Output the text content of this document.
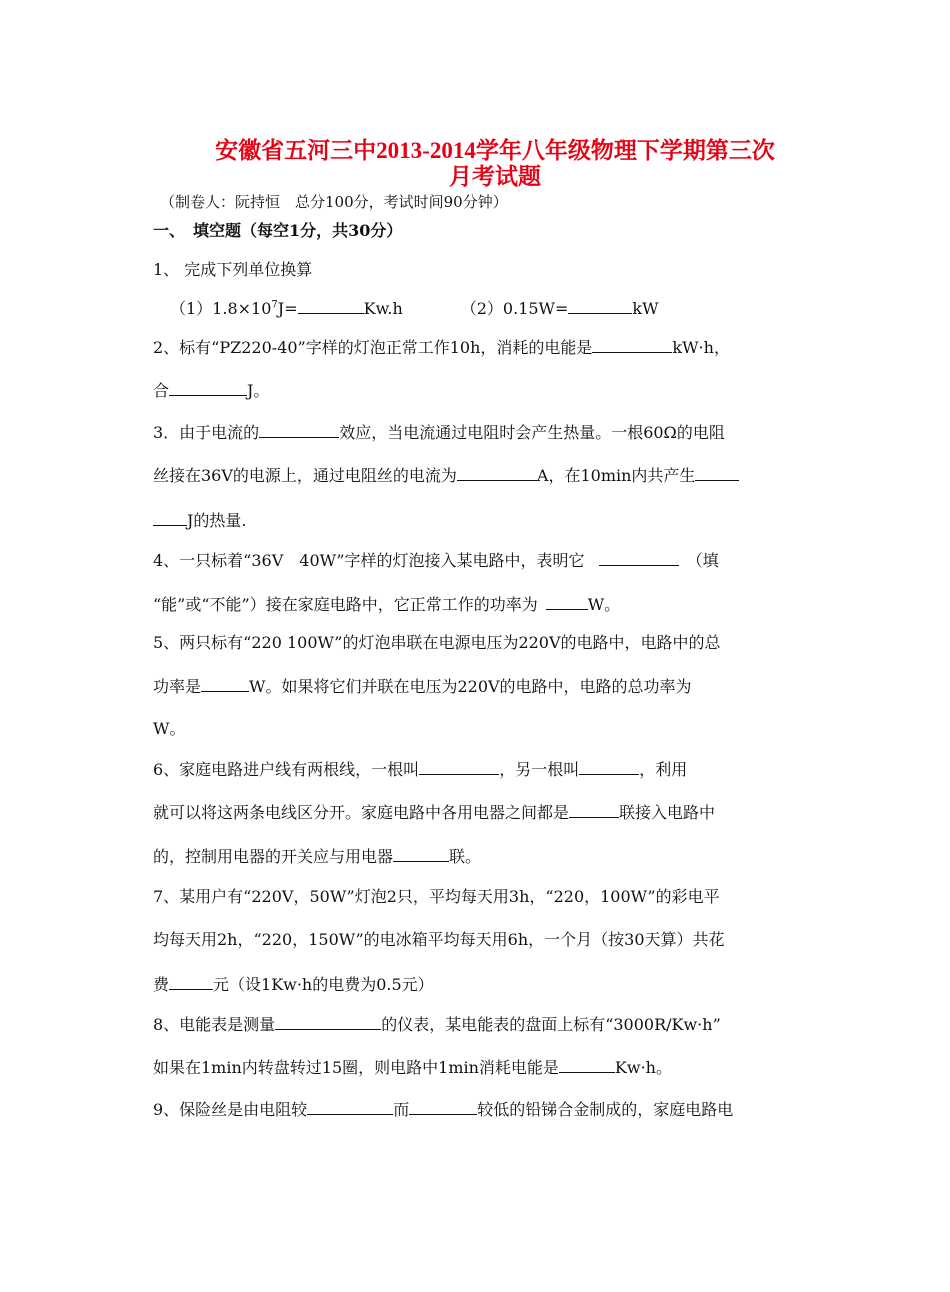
安徽省五河三中2013-2014学年八年级物理下学期第三次
月考试题
（制卷人：阮持恒　总分100分，考试时间90分钟）
一、　填空题（每空1分，共30分）
1、 完成下列单位换算
$(1)1.8\times 10^7J=$	Kw.h	（2）0.15W=	kW
2、标有“PZ220-40”字样的灯泡正常工作10h，消耗的电能是	kW·h，
合	J。
3．由于电流的	效应，当电流通过电阻时会产生热量。一根60Ω的电阻
丝接在36V的电源上，通过电阻丝的电流为	A，在10min内共产生
J的热量.
4、一只标着“36V　40W”字样的灯泡接入某电路中，表明它	（填
“能”或“不能”）接在家庭电路中，它正常工作的功率为	W。
5、两只标有“220 100W”的灯泡串联在电源电压为220V的电路中，电路中的总
功率是	W。如果将它们并联在电压为220V的电路中，电路的总功率为
W。
6、家庭电路进户线有两根线，一根叫	，另一根叫	，利用
就可以将这两条电线区分开。家庭电路中各用电器之间都是	联接入电路中
的，控制用电器的开关应与用电器	联。
7、某用户有“220V，50W”灯泡2只，平均每天用3h，“220，100W”的彩电平
均每天用2h，“220，150W”的电冰箱平均每天用6h，一个月（按30天算）共花
费	元（设1Kw·h的电费为0.5元）
8、电能表是测量	的仪表，某电能表的盘面上标有“3000R/Kw·h”
如果在1min内转盘转过15圈，则电路中1min消耗电能是	Kw·h。
9、保险丝是由电阻较	而	较低的铅锑合金制成的，家庭电路电
